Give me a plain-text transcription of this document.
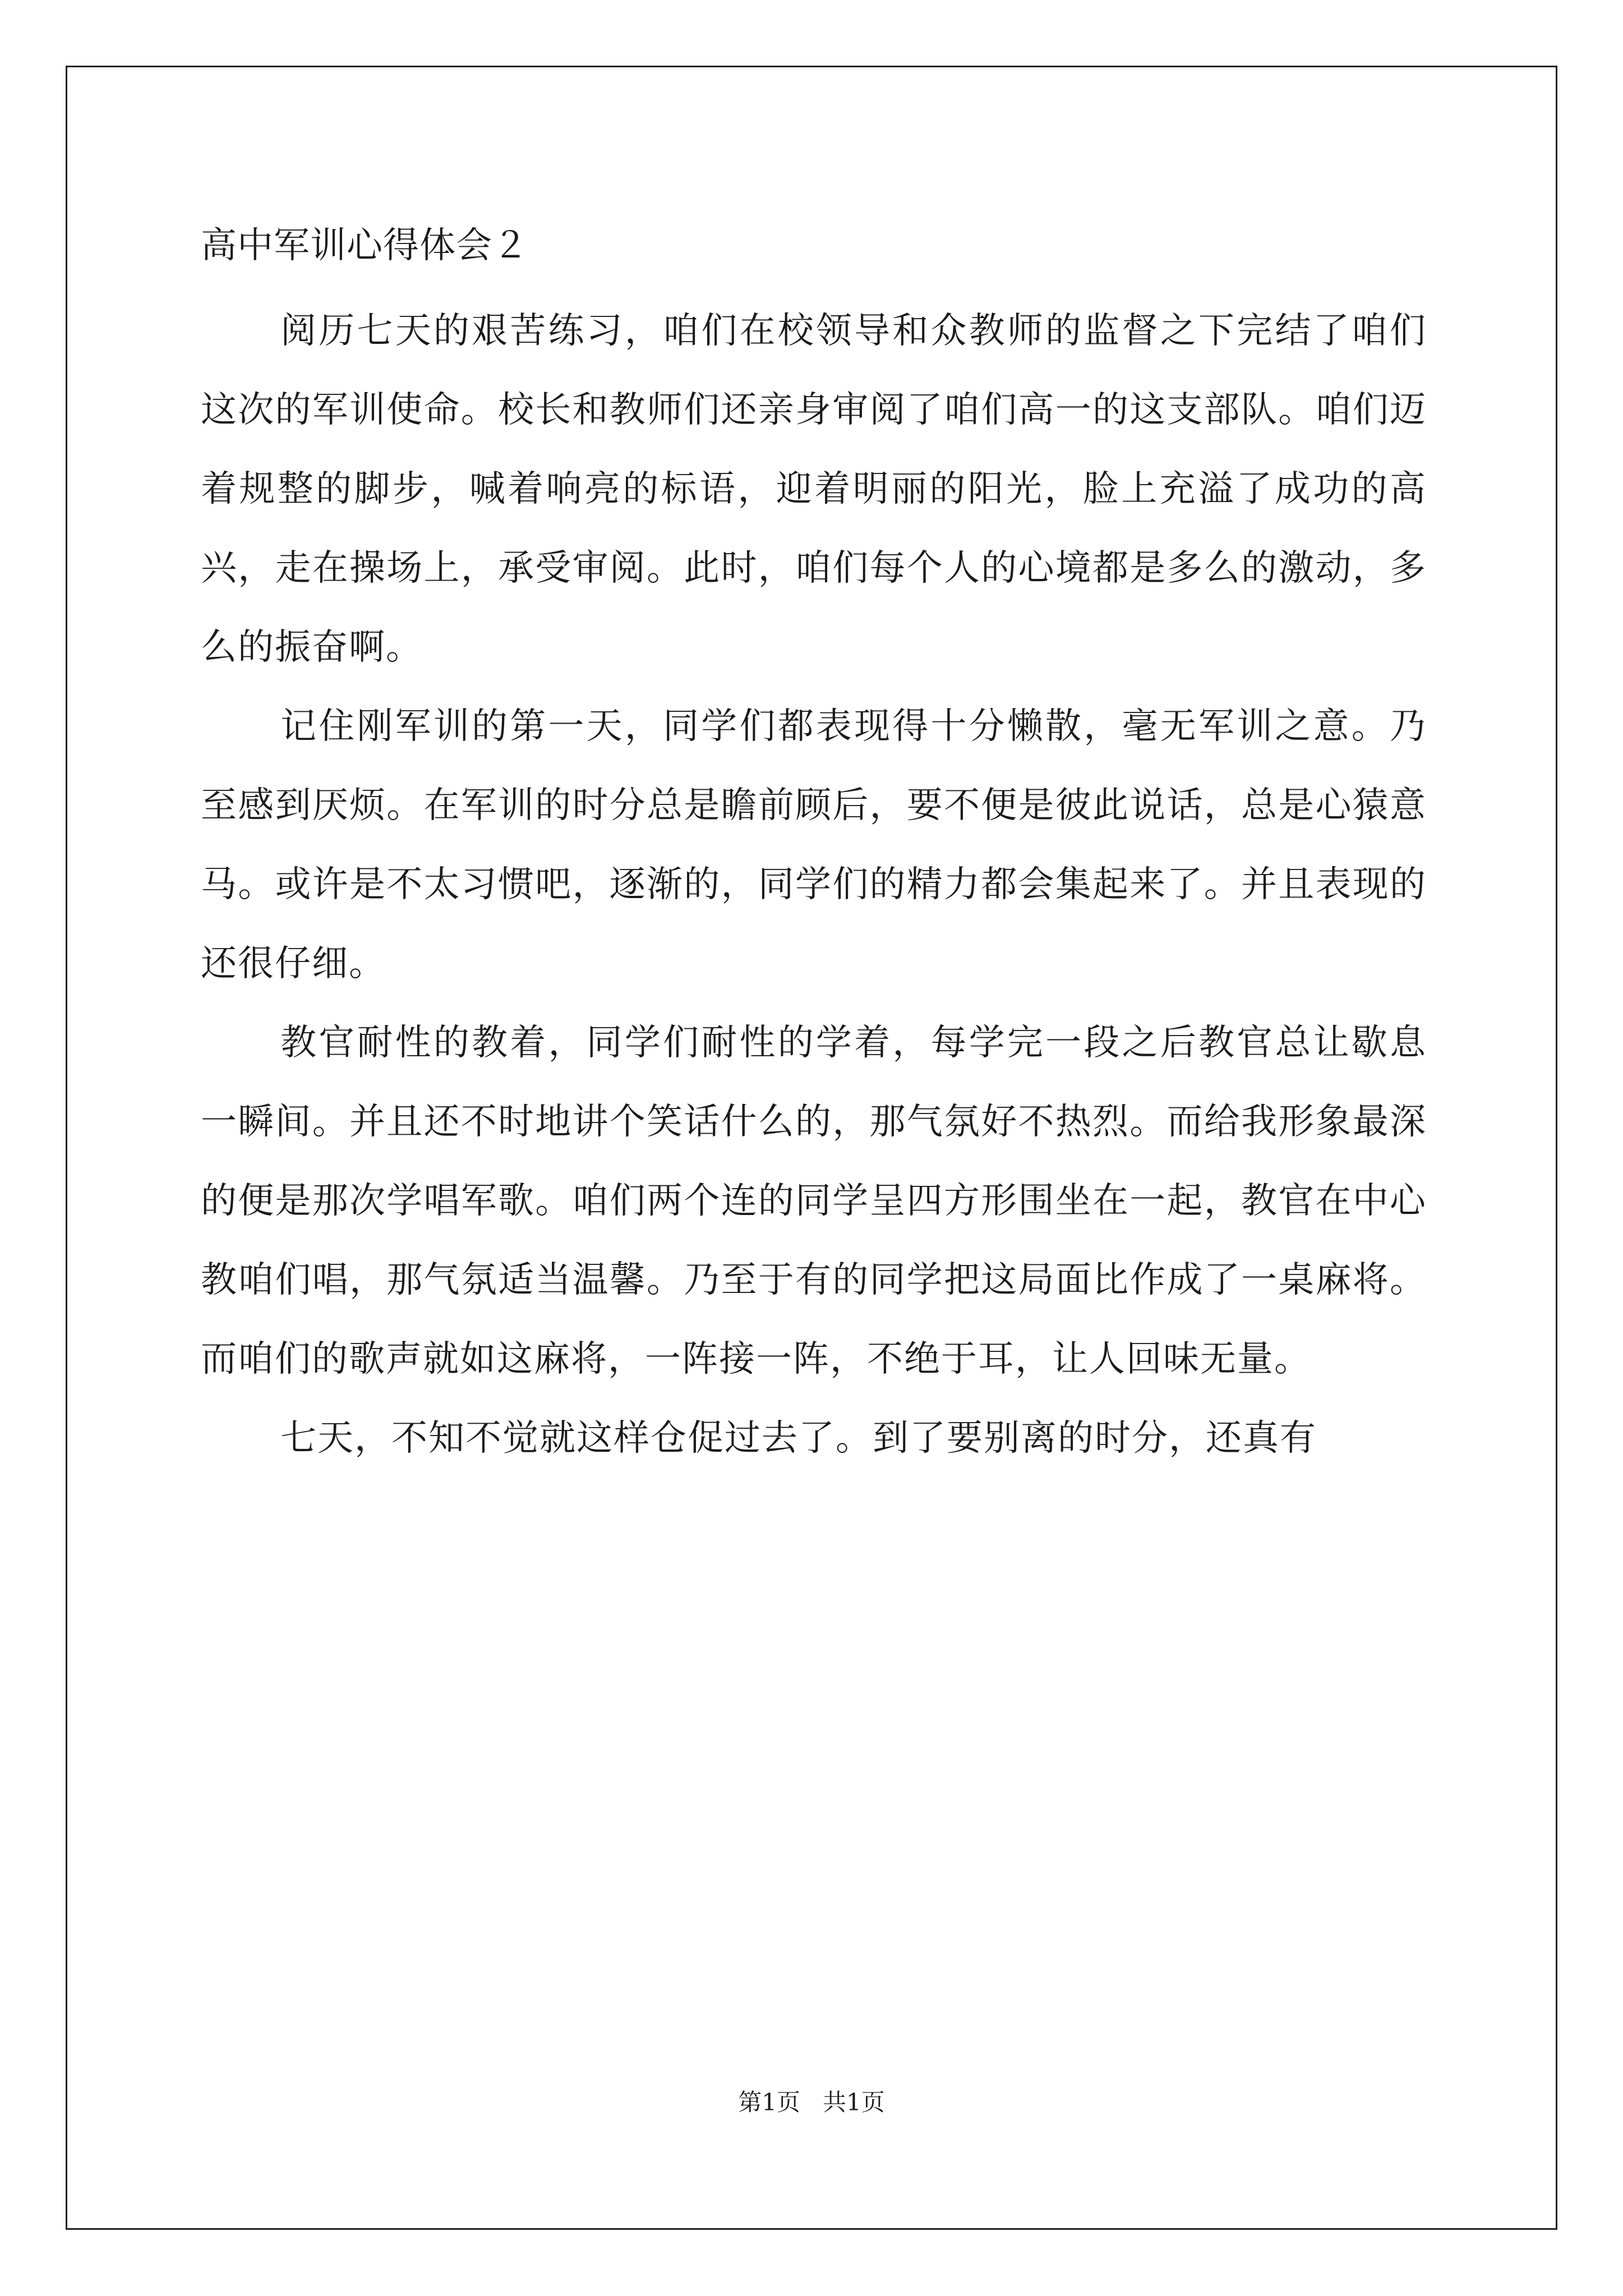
高中军训心得体会２

阅历七天的艰苦练习，咱们在校领导和众教师的监督之下完结了咱们这次的军训使命。校长和教师们还亲身审阅了咱们高一的这支部队。咱们迈着规整的脚步，喊着响亮的标语，迎着明丽的阳光，脸上充溢了成功的高兴，走在操场上，承受审阅。此时，咱们每个人的心境都是多么的激动，多么的振奋啊。

记住刚军训的第一天，同学们都表现得十分懒散，毫无军训之意。乃至感到厌烦。在军训的时分总是瞻前顾后，要不便是彼此说话，总是心猿意马。或许是不太习惯吧，逐渐的，同学们的精力都会集起来了。并且表现的还很仔细。

教官耐性的教着，同学们耐性的学着，每学完一段之后教官总让歇息一瞬间。并且还不时地讲个笑话什么的，那气氛好不热烈。而给我形象最深的便是那次学唱军歌。咱们两个连的同学呈四方形围坐在一起，教官在中心教咱们唱，那气氛适当温馨。乃至于有的同学把这局面比作成了一桌麻将。而咱们的歌声就如这麻将，一阵接一阵，不绝于耳，让人回味无量。

七天，不知不觉就这样仓促过去了。到了要别离的时分，还真有

第1页   共1页
